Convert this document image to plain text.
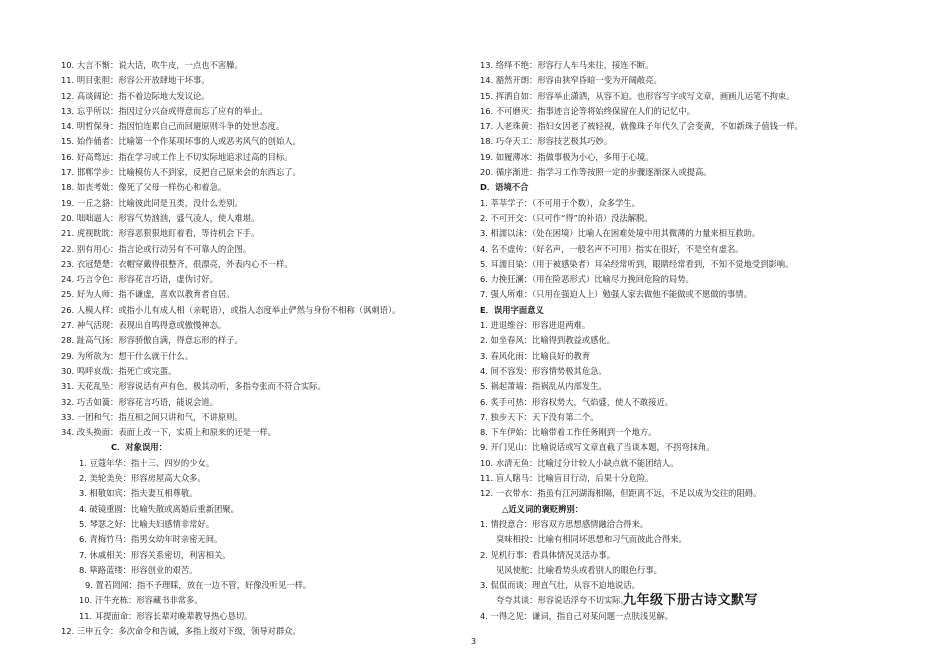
10. 大言不惭：说大话，吹牛皮，一点也不害臊。
11. 明目张胆：形容公开放肆地干坏事。
12. 高谈阔论：指不着边际地大发议论。
13. 忘乎所以：指因过分兴奋或得意而忘了应有的举止。
14. 明哲保身：指因怕连累自己而回避原则斗争的处世态度。
15. 始作俑者：比喻第一个作某项坏事的人或恶劣风气的创始人。
16. 好高骛远：指在学习或工作上不切实际地追求过高的目标。
17. 邯郸学步：比喻模仿人不到家，反把自己原来会的东西忘了。
18. 如丧考妣：像死了父母一样伤心和着急。
19. 一丘之貉：比喻彼此同是丑类，没什么差别。
20. 咄咄逼人：形容气势汹汹，盛气凌人，使人难堪。
21. 虎视眈眈：形容恶狠狠地盯着看，等待机会下手。
22. 别有用心：指言论或行动另有不可靠人的企图。
23. 衣冠楚楚：衣帽穿戴得很整齐，很漂亮，外表内心不一样。
24. 巧言令色：形容花言巧语，虚伪讨好。
25. 好为人师：指不谦虚，喜欢以教育者自居。
26. 人模人样：或指小儿有成人相（亲昵语），或指人态度举止俨然与身份不相称（讽刺语）。
27. 神气活现：表现出自鸣得意或傲慢神态。
28. 趾高气扬：形容骄傲自满，得意忘形的样子。
29. 为所欲为：想干什么就干什么。
30. 鸣呼哀哉：指死亡或完蛋。
31. 天花乱坠：形容说话有声有色，极其动听，多指夸张而不符合实际。
32. 巧舌如簧：形容花言巧语，能说会道。
33. 一团和气：指互相之间只讲和气，不讲原则。
34. 改头换面：表面上改一下，实质上和原来的还是一样。
C．对象误用：
1. 豆蔻年华：指十三、四岁的少女。
2. 美轮美奂：形容房屋高大众多。
3. 相敬如宾：指夫妻互相尊敬。
4. 破镜重圆：比喻失散或离婚后重新团聚。
5. 琴瑟之好：比喻夫妇感情非常好。
6. 青梅竹马：指男女幼年时亲密无间。
7. 休戚相关：形容关系密切，利害相关。
8. 筚路蓝缕：形容创业的艰苦。
9. 置若罔闻：指不予理睬，放在一边不管，好像没听见一样。
10. 汗牛充栋：形容藏书非常多。
11. 耳提面命：形容长辈对晚辈教导热心恳切。
12. 三申五令：多次命令和告诫，多指上级对下级，领导对群众。
13. 络绎不绝：形容行人车马来往，接连不断。
14. 豁然开朗：形容由狭窄昏暗一变为开阔敞亮。
15. 挥洒自如：形容举止潇洒，从容不迫。也形容写字或写文章，画画儿运笔不拘束。
16. 不可磨灭：指事迹言论等将始终保留在人们的记忆中。
17. 人老珠黄：指妇女因老了被轻视，就像珠子年代久了会变黄，不如新珠子值钱一样。
18. 巧夺天工：形容技艺极其巧妙。
19. 如履薄冰：指做事极为小心，多用于心境。
20. 循序渐进：指学习工作等按照一定的步骤逐渐深入或提高。
D．语境不合
1. 莘莘学子：（不可用于个数），众多学生。
2. 不可开交：（只可作“得”的补语）没法解脱。
3. 相濡以沫：（处在困境）比喻人在困难处境中用其微薄的力量来相互救助。
4. 名不虚传：（好名声，一般名声不可用）指实在很好，不是空有虚名。
5. 耳濡目染：（用于被感染者）耳朵经常听到，眼睛经常看到，不知不觉地受到影响。
6. 力挽狂澜：（用在险恶形式）比喻尽力挽回危险的局势。
7. 强人所难：（只用在强迫人上）勉强人家去做他不能做或不愿做的事情。
E．误用字面意义
1. 进退维谷：形容进退两难。
2. 如坐春风：比喻得到教益或感化。
3. 春风化雨：比喻良好的教育
4. 间不容发：形容情势极其危急。
5. 祸起萧墙：指祸乱从内部发生。
6. 炙手可热：形容权势大，气焰盛，使人不敢接近。
7. 独步天下：天下没有第二个。
8. 下车伊始：比喻带着工作任务刚到一个地方。
9. 开门见山：比喻说话或写文章直截了当谈本题，不拐弯抹角。
10. 水清无鱼：比喻过分计较人小缺点就不能团结人。
11. 盲人瞎马：比喻盲目行动，后果十分危险。
12. 一衣带水：指虽有江河湖海相隔，但距离不远，不足以成为交往的阻碍。
△近义词的褒贬辨别：
1. 情投意合：形容双方思想感情融洽合得来。
臭味相投：比喻有相同坏思想和习气而彼此合得来。
2. 见机行事：看具体情况灵活办事。
见风使舵：比喻看势头或看别人的眼色行事。
3. 侃侃而谈：理直气壮，从容不迫地说话。
夸夸其谈：形容说话浮夸不切实际。
4. 一得之见：谦词，指自己对某问题一点肤浅见解。
九年级下册古诗文默写
3
